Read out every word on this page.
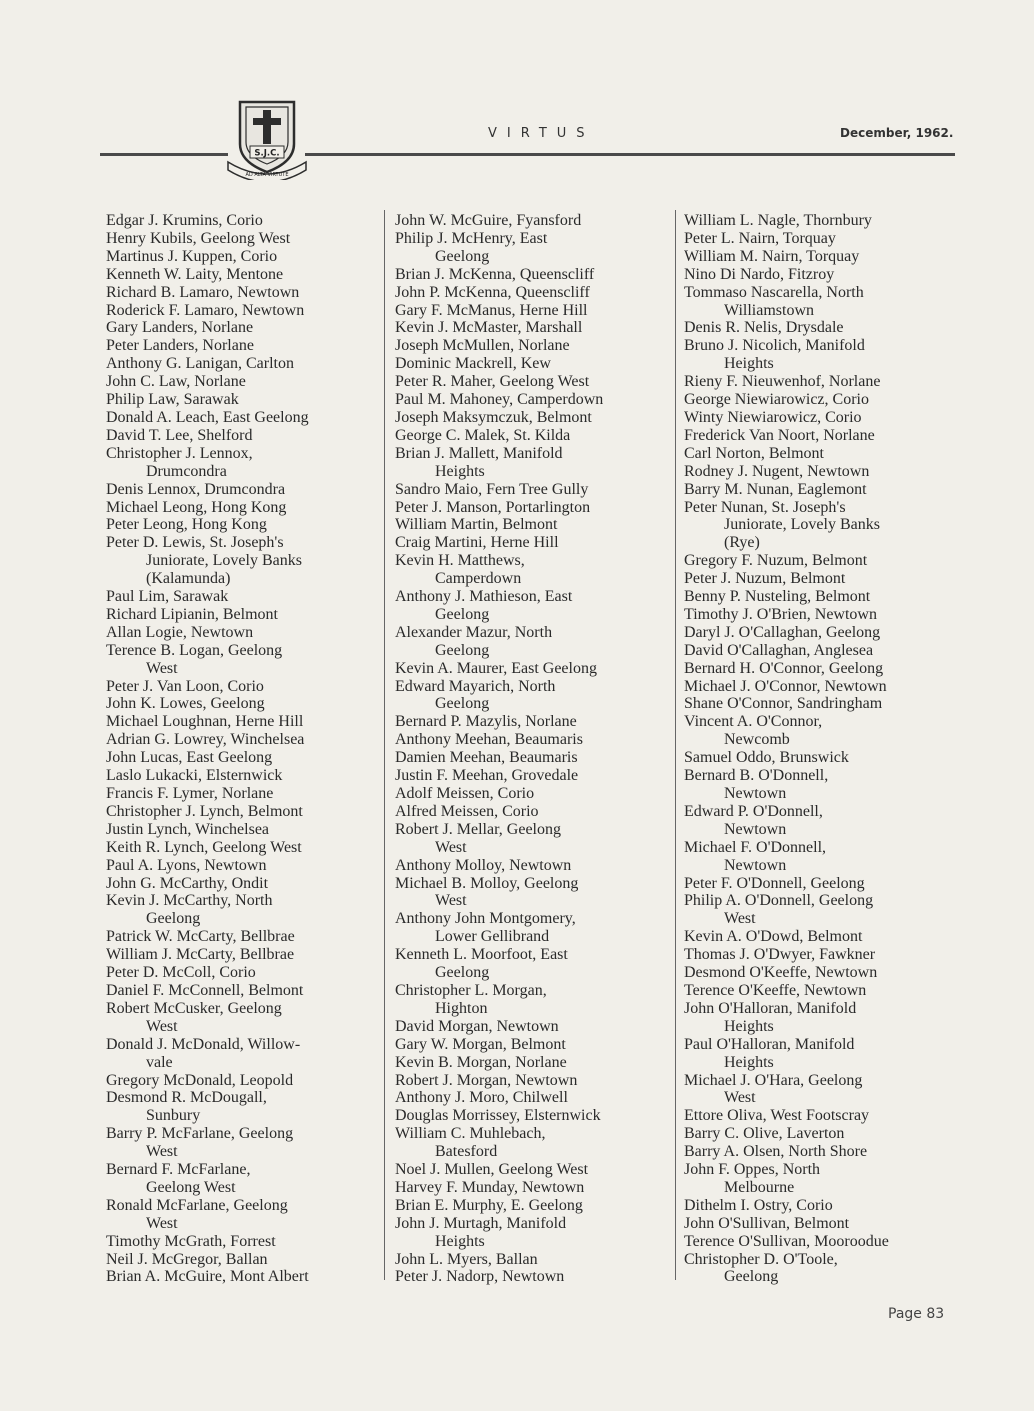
S.J.C.
AD ALTA VIRTUTE
VIRTUS	December, 1962.
Edgar J. Krumins, Corio
Henry Kubils, Geelong West
Martinus J. Kuppen, Corio
Kenneth W. Laity, Mentone
Richard B. Lamaro, Newtown
Roderick F. Lamaro, Newtown
Gary Landers, Norlane
Peter Landers, Norlane
Anthony G. Lanigan, Carlton
John C. Law, Norlane
Philip Law, Sarawak
Donald A. Leach, East Geelong
David T. Lee, Shelford
Christopher J. Lennox,
Drumcondra
Denis Lennox, Drumcondra
Michael Leong, Hong Kong
Peter Leong, Hong Kong
Peter D. Lewis, St. Joseph's
Juniorate, Lovely Banks
(Kalamunda)
Paul Lim, Sarawak
Richard Lipianin, Belmont
Allan Logie, Newtown
Terence B. Logan, Geelong
West
Peter J. Van Loon, Corio
John K. Lowes, Geelong
Michael Loughnan, Herne Hill
Adrian G. Lowrey, Winchelsea
John Lucas, East Geelong
Laslo Lukacki, Elsternwick
Francis F. Lymer, Norlane
Christopher J. Lynch, Belmont
Justin Lynch, Winchelsea
Keith R. Lynch, Geelong West
Paul A. Lyons, Newtown
John G. McCarthy, Ondit
Kevin J. McCarthy, North
Geelong
Patrick W. McCarty, Bellbrae
William J. McCarty, Bellbrae
Peter D. McColl, Corio
Daniel F. McConnell, Belmont
Robert McCusker, Geelong
West
Donald J. McDonald, Willow-
vale
Gregory McDonald, Leopold
Desmond R. McDougall,
Sunbury
Barry P. McFarlane, Geelong
West
Bernard F. McFarlane,
Geelong West
Ronald McFarlane, Geelong
West
Timothy McGrath, Forrest
Neil J. McGregor, Ballan
Brian A. McGuire, Mont Albert
John W. McGuire, Fyansford
Philip J. McHenry, East
Geelong
Brian J. McKenna, Queenscliff
John P. McKenna, Queenscliff
Gary F. McManus, Herne Hill
Kevin J. McMaster, Marshall
Joseph McMullen, Norlane
Dominic Mackrell, Kew
Peter R. Maher, Geelong West
Paul M. Mahoney, Camperdown
Joseph Maksymczuk, Belmont
George C. Malek, St. Kilda
Brian J. Mallett, Manifold
Heights
Sandro Maio, Fern Tree Gully
Peter J. Manson, Portarlington
William Martin, Belmont
Craig Martini, Herne Hill
Kevin H. Matthews,
Camperdown
Anthony J. Mathieson, East
Geelong
Alexander Mazur, North
Geelong
Kevin A. Maurer, East Geelong
Edward Mayarich, North
Geelong
Bernard P. Mazylis, Norlane
Anthony Meehan, Beaumaris
Damien Meehan, Beaumaris
Justin F. Meehan, Grovedale
Adolf Meissen, Corio
Alfred Meissen, Corio
Robert J. Mellar, Geelong
West
Anthony Molloy, Newtown
Michael B. Molloy, Geelong
West
Anthony John Montgomery,
Lower Gellibrand
Kenneth L. Moorfoot, East
Geelong
Christopher L. Morgan,
Highton
David Morgan, Newtown
Gary W. Morgan, Belmont
Kevin B. Morgan, Norlane
Robert J. Morgan, Newtown
Anthony J. Moro, Chilwell
Douglas Morrissey, Elsternwick
William C. Muhlebach,
Batesford
Noel J. Mullen, Geelong West
Harvey F. Munday, Newtown
Brian E. Murphy, E. Geelong
John J. Murtagh, Manifold
Heights
John L. Myers, Ballan
Peter J. Nadorp, Newtown
William L. Nagle, Thornbury
Peter L. Nairn, Torquay
William M. Nairn, Torquay
Nino Di Nardo, Fitzroy
Tommaso Nascarella, North
Williamstown
Denis R. Nelis, Drysdale
Bruno J. Nicolich, Manifold
Heights
Rieny F. Nieuwenhof, Norlane
George Niewiarowicz, Corio
Winty Niewiarowicz, Corio
Frederick Van Noort, Norlane
Carl Norton, Belmont
Rodney J. Nugent, Newtown
Barry M. Nunan, Eaglemont
Peter Nunan, St. Joseph's
Juniorate, Lovely Banks
(Rye)
Gregory F. Nuzum, Belmont
Peter J. Nuzum, Belmont
Benny P. Nusteling, Belmont
Timothy J. O'Brien, Newtown
Daryl J. O'Callaghan, Geelong
David O'Callaghan, Anglesea
Bernard H. O'Connor, Geelong
Michael J. O'Connor, Newtown
Shane O'Connor, Sandringham
Vincent A. O'Connor,
Newcomb
Samuel Oddo, Brunswick
Bernard B. O'Donnell,
Newtown
Edward P. O'Donnell,
Newtown
Michael F. O'Donnell,
Newtown
Peter F. O'Donnell, Geelong
Philip A. O'Donnell, Geelong
West
Kevin A. O'Dowd, Belmont
Thomas J. O'Dwyer, Fawkner
Desmond O'Keeffe, Newtown
Terence O'Keeffe, Newtown
John O'Halloran, Manifold
Heights
Paul O'Halloran, Manifold
Heights
Michael J. O'Hara, Geelong
West
Ettore Oliva, West Footscray
Barry C. Olive, Laverton
Barry A. Olsen, North Shore
John F. Oppes, North
Melbourne
Dithelm I. Ostry, Corio
John O'Sullivan, Belmont
Terence O'Sullivan, Mooroodue
Christopher D. O'Toole,
Geelong
Page 83
